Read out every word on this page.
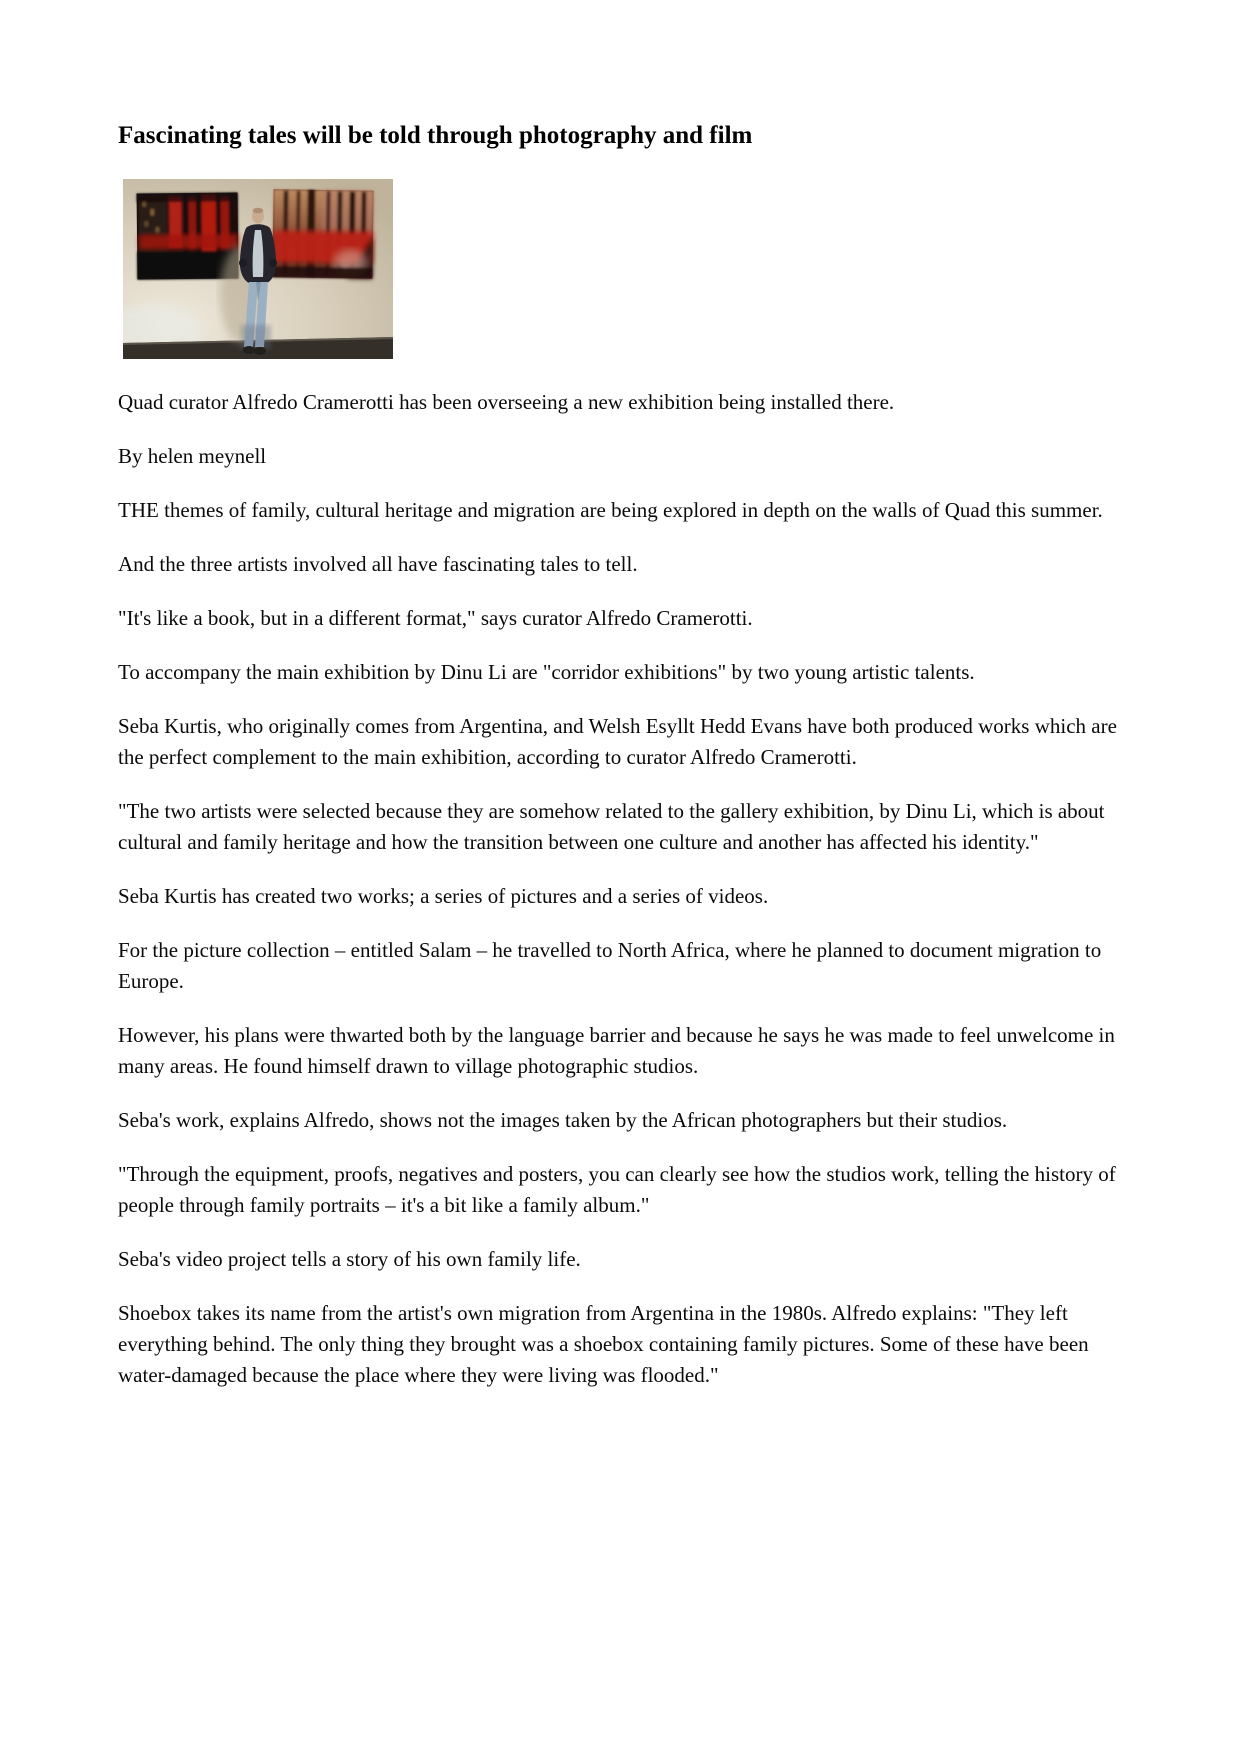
Fascinating tales will be told through photography and film

Quad curator Alfredo Cramerotti has been overseeing a new exhibition being installed there.

By helen meynell

THE themes of family, cultural heritage and migration are being explored in depth on the walls of Quad this summer.

And the three artists involved all have fascinating tales to tell.

"It's like a book, but in a different format," says curator Alfredo Cramerotti.

To accompany the main exhibition by Dinu Li are "corridor exhibitions" by two young artistic talents.

Seba Kurtis, who originally comes from Argentina, and Welsh Esyllt Hedd Evans have both produced works which are the perfect complement to the main exhibition, according to curator Alfredo Cramerotti.

"The two artists were selected because they are somehow related to the gallery exhibition, by Dinu Li, which is about cultural and family heritage and how the transition between one culture and another has affected his identity."

Seba Kurtis has created two works; a series of pictures and a series of videos.

For the picture collection – entitled Salam – he travelled to North Africa, where he planned to document migration to Europe.

However, his plans were thwarted both by the language barrier and because he says he was made to feel unwelcome in many areas. He found himself drawn to village photographic studios.

Seba's work, explains Alfredo, shows not the images taken by the African photographers but their studios.

"Through the equipment, proofs, negatives and posters, you can clearly see how the studios work, telling the history of people through family portraits – it's a bit like a family album."

Seba's video project tells a story of his own family life.

Shoebox takes its name from the artist's own migration from Argentina in the 1980s. Alfredo explains: "They left everything behind. The only thing they brought was a shoebox containing family pictures. Some of these have been water-damaged because the place where they were living was flooded."
